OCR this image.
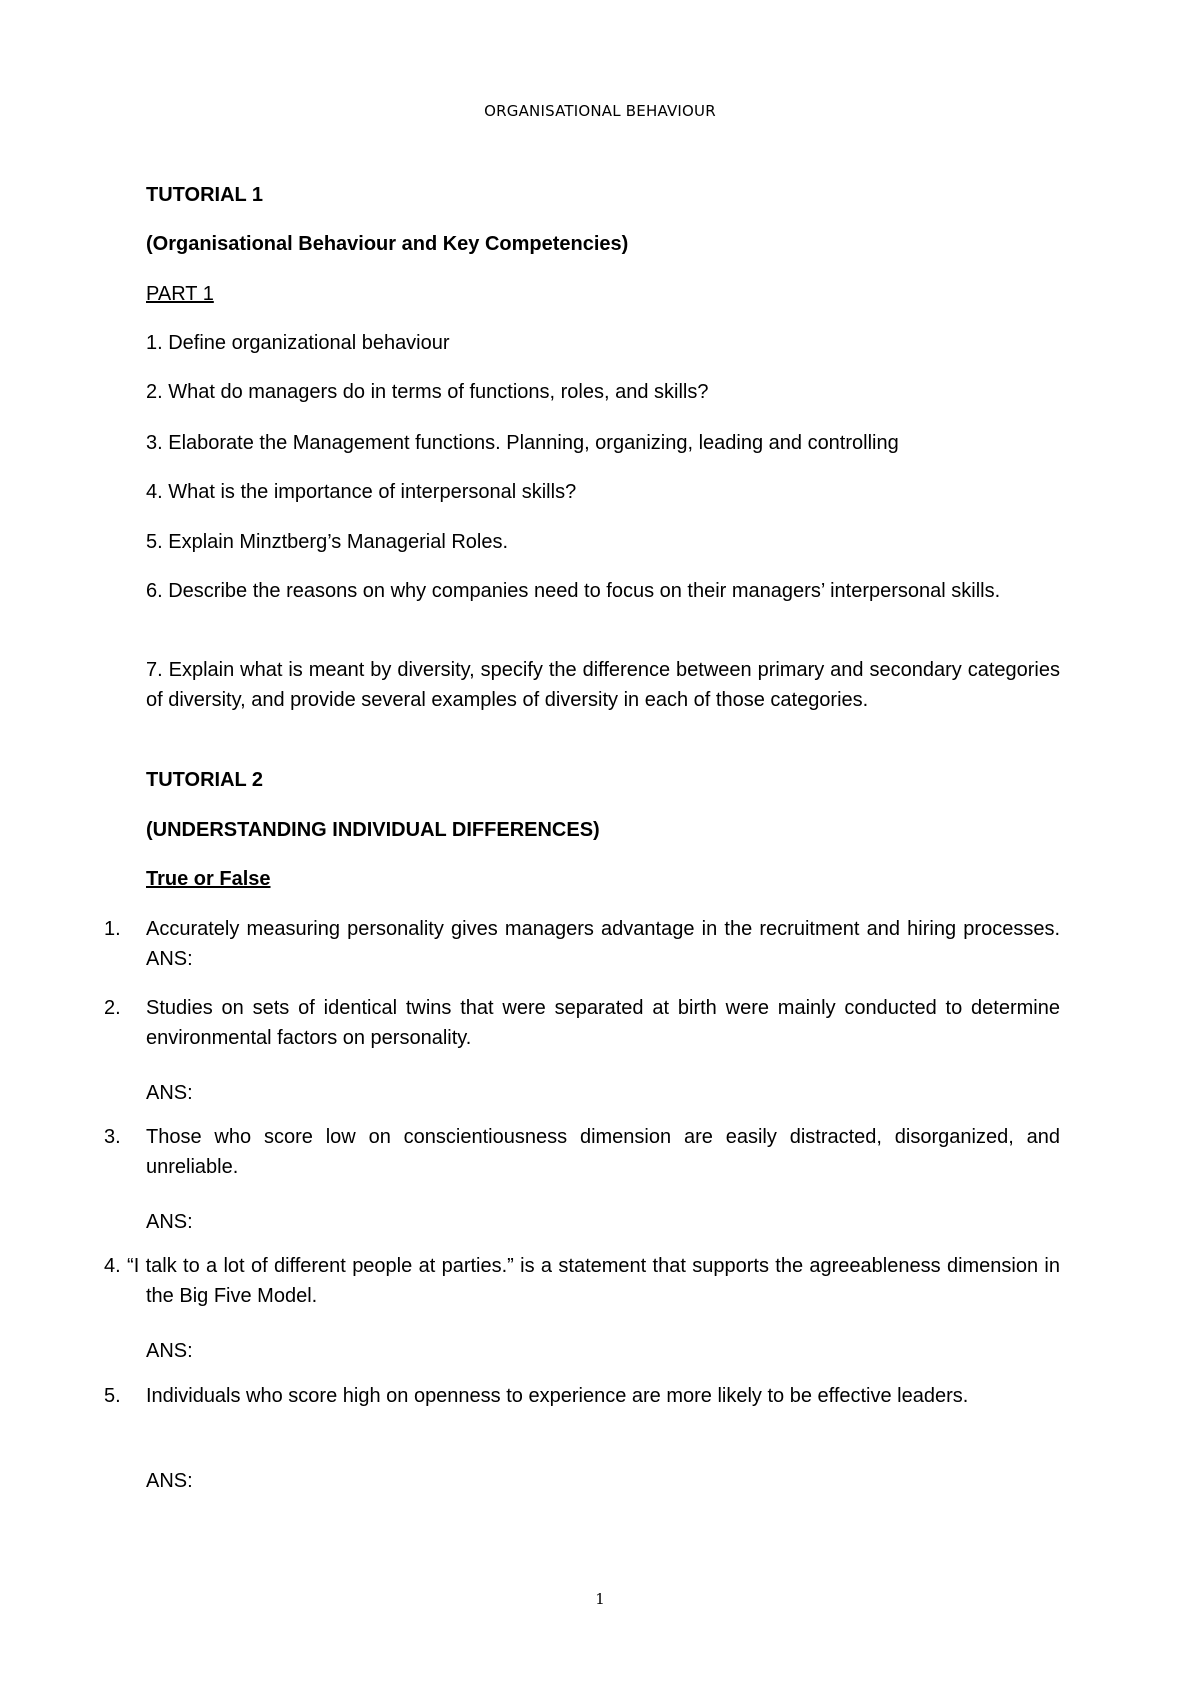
ORGANISATIONAL BEHAVIOUR
TUTORIAL 1
(Organisational Behaviour and Key Competencies)
PART 1
1. Define organizational behaviour
2. What do managers do in terms of functions, roles, and skills?
3. Elaborate the Management functions. Planning, organizing, leading and controlling
4. What is the importance of interpersonal skills?
5. Explain Minztberg’s Managerial Roles.
6. Describe the reasons on why companies need to focus on their managers’ interpersonal skills.
7. Explain what is meant by diversity, specify the difference between primary and secondary categories of diversity, and provide several examples of diversity in each of those categories.
TUTORIAL 2
(UNDERSTANDING INDIVIDUAL DIFFERENCES)
True or False
1. Accurately measuring personality gives managers advantage in the recruitment and hiring processes. ANS:
2. Studies on sets of identical twins that were separated at birth were mainly conducted to determine environmental factors on personality.
ANS:
3. Those who score low on conscientiousness dimension are easily distracted, disorganized, and unreliable.
ANS:
4. “I talk to a lot of different people at parties.” is a statement that supports the agreeableness dimension in the Big Five Model.
ANS:
5. Individuals who score high on openness to experience are more likely to be effective leaders.
ANS:
1
